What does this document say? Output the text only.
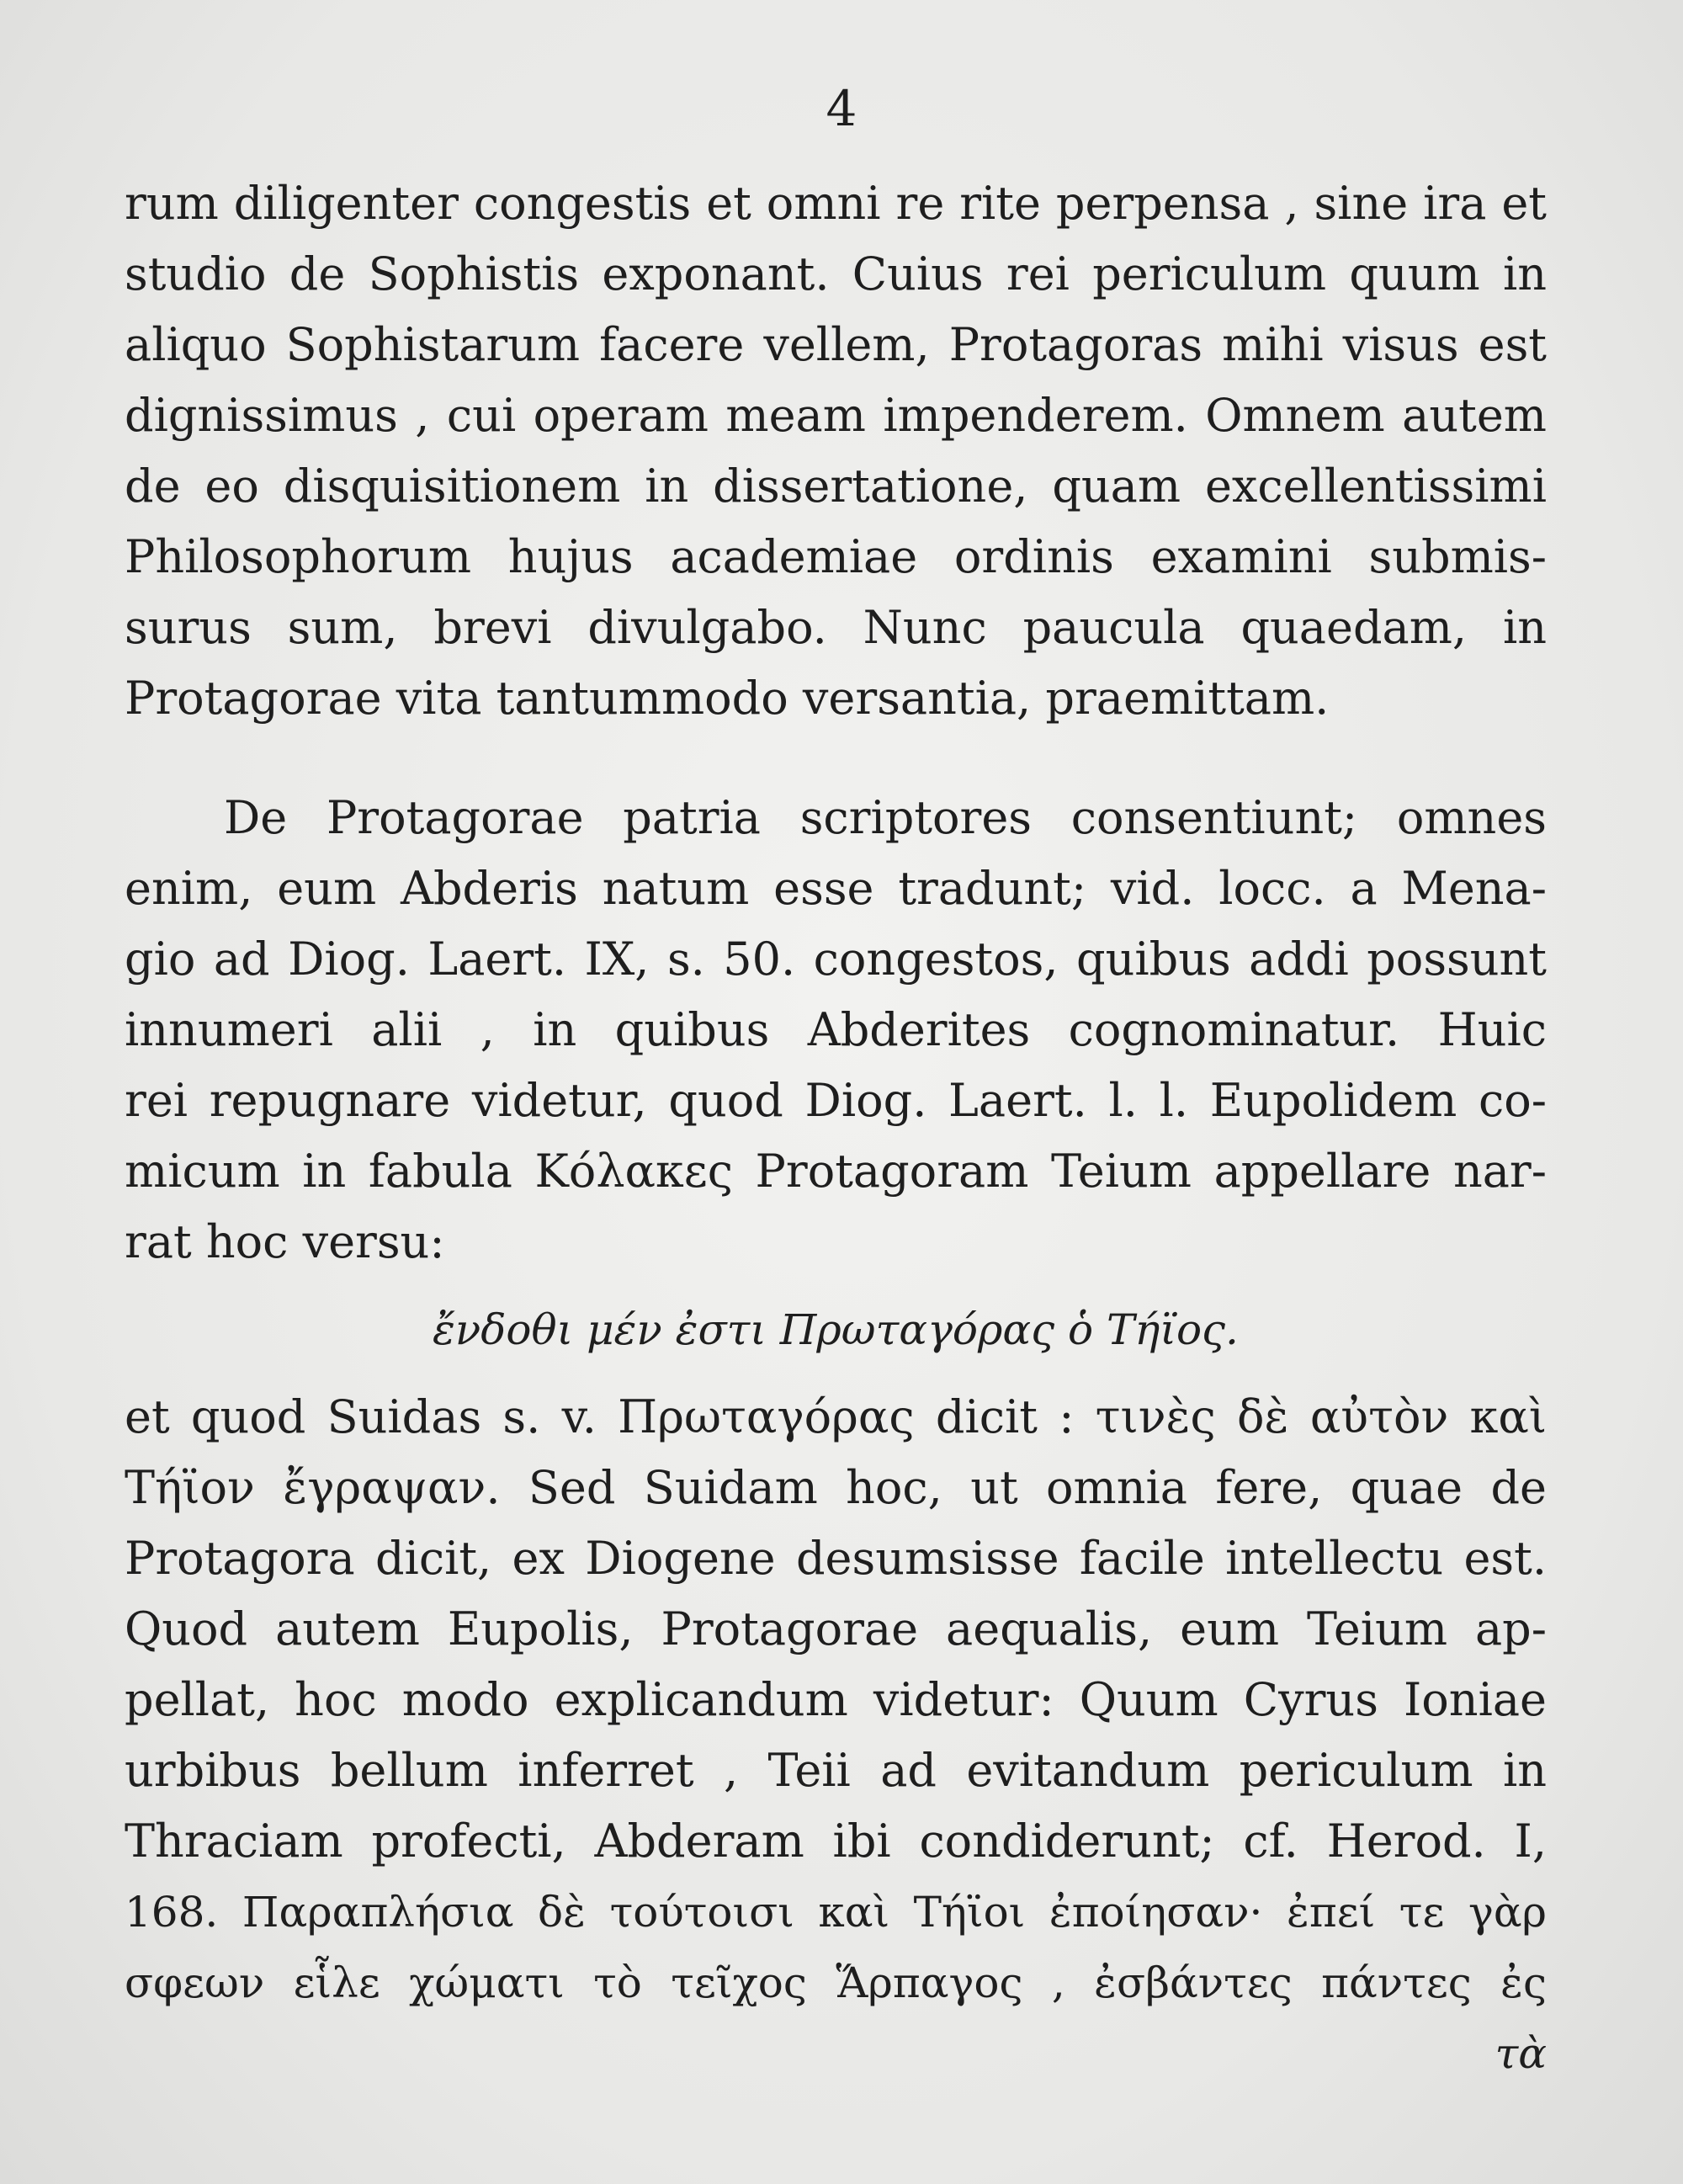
4
rum diligenter congestis et omni re rite perpensa , sine ira et
studio de Sophistis exponant. Cuius rei periculum quum in
aliquo Sophistarum facere vellem, Protagoras mihi visus est
dignissimus , cui operam meam impenderem. Omnem autem
de eo disquisitionem in dissertatione, quam excellentissimi
Philosophorum hujus academiae ordinis examini submis-
surus sum, brevi divulgabo. Nunc paucula quaedam, in
Protagorae vita tantummodo versantia, praemittam.
De Protagorae patria scriptores consentiunt; omnes
enim, eum Abderis natum esse tradunt; vid. locc. a Mena-
gio ad Diog. Laert. IX, s. 50. congestos, quibus addi possunt
innumeri alii , in quibus Abderites cognominatur. Huic
rei repugnare videtur, quod Diog. Laert. l. l. Eupolidem co-
micum in fabula Κόλακες Protagoram Teium appellare nar-
rat hoc versu:
ἔνδοθι μέν ἐστι Πρωταγόρας ὁ Τήϊος.
et quod Suidas s. v. Πρωταγόρας dicit : τινὲς δὲ αὐτὸν καὶ
Τήϊον ἔγραψαν. Sed Suidam hoc, ut omnia fere, quae de
Protagora dicit, ex Diogene desumsisse facile intellectu est.
Quod autem Eupolis, Protagorae aequalis, eum Teium ap-
pellat, hoc modo explicandum videtur: Quum Cyrus Ioniae
urbibus bellum inferret , Teii ad evitandum periculum in
Thraciam profecti, Abderam ibi condiderunt; cf. Herod. I,
168. Παραπλήσια δὲ τούτοισι καὶ Τήϊοι ἐποίησαν· ἐπεί τε γὰρ
σφεων εἷλε χώματι τὸ τεῖχος Ἅρπαγος , ἐσβάντες πάντες ἐς
τὰ
